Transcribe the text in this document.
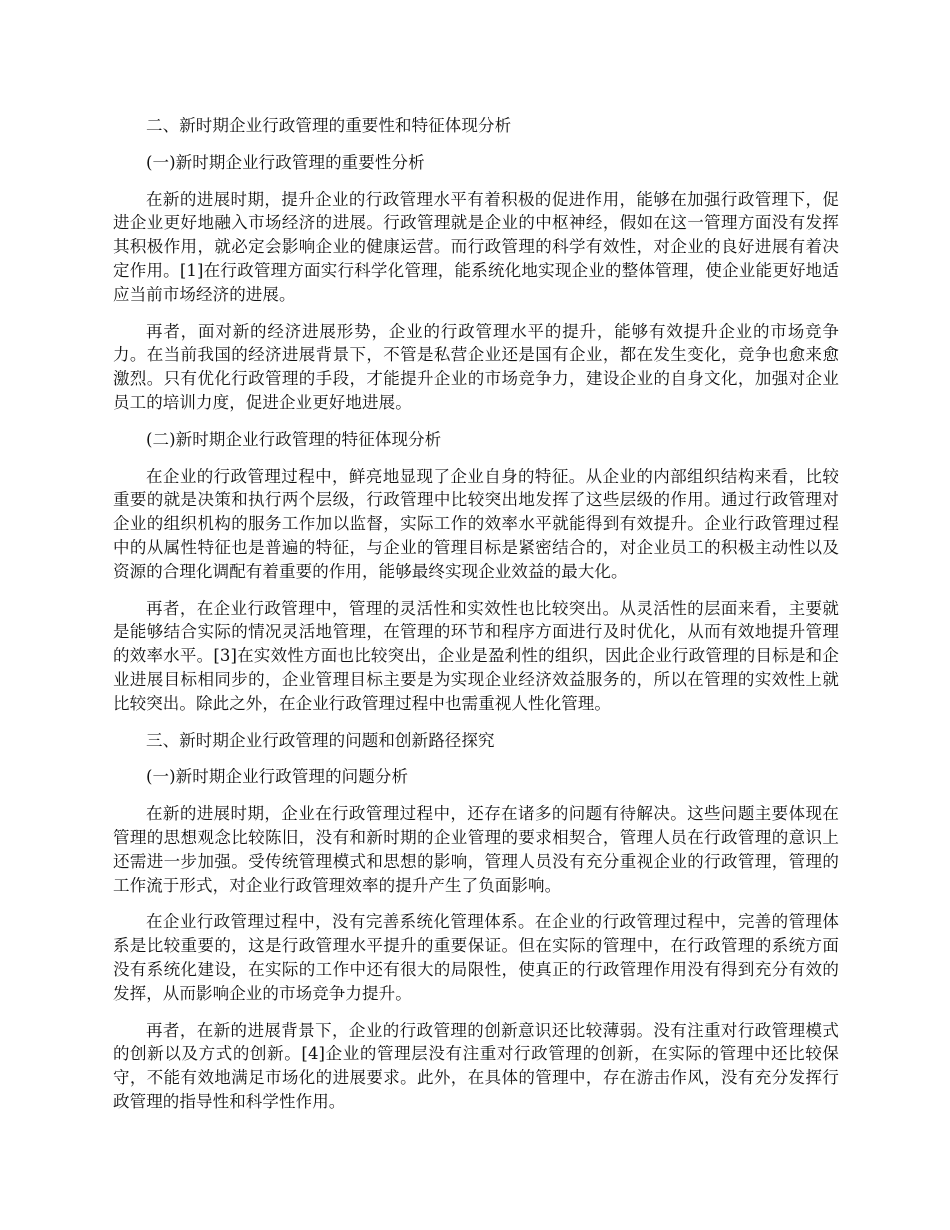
二、新时期企业行政管理的重要性和特征体现分析

(一)新时期企业行政管理的重要性分析

在新的进展时期，提升企业的行政管理水平有着积极的促进作用，能够在加强行政管理下，促进企业更好地融入市场经济的进展。行政管理就是企业的中枢神经，假如在这一管理方面没有发挥其积极作用，就必定会影响企业的健康运营。而行政管理的科学有效性，对企业的良好进展有着决定作用。[1]在行政管理方面实行科学化管理，能系统化地实现企业的整体管理，使企业能更好地适应当前市场经济的进展。

再者，面对新的经济进展形势，企业的行政管理水平的提升，能够有效提升企业的市场竞争力。在当前我国的经济进展背景下，不管是私营企业还是国有企业，都在发生变化，竞争也愈来愈激烈。只有优化行政管理的手段，才能提升企业的市场竞争力，建设企业的自身文化，加强对企业员工的培训力度，促进企业更好地进展。

(二)新时期企业行政管理的特征体现分析

在企业的行政管理过程中，鲜亮地显现了企业自身的特征。从企业的内部组织结构来看，比较重要的就是决策和执行两个层级，行政管理中比较突出地发挥了这些层级的作用。通过行政管理对企业的组织机构的服务工作加以监督，实际工作的效率水平就能得到有效提升。企业行政管理过程中的从属性特征也是普遍的特征，与企业的管理目标是紧密结合的，对企业员工的积极主动性以及资源的合理化调配有着重要的作用，能够最终实现企业效益的最大化。

再者，在企业行政管理中，管理的灵活性和实效性也比较突出。从灵活性的层面来看，主要就是能够结合实际的情况灵活地管理，在管理的环节和程序方面进行及时优化，从而有效地提升管理的效率水平。[3]在实效性方面也比较突出，企业是盈利性的组织，因此企业行政管理的目标是和企业进展目标相同步的，企业管理目标主要是为实现企业经济效益服务的，所以在管理的实效性上就比较突出。除此之外，在企业行政管理过程中也需重视人性化管理。

三、新时期企业行政管理的问题和创新路径探究

(一)新时期企业行政管理的问题分析

在新的进展时期，企业在行政管理过程中，还存在诸多的问题有待解决。这些问题主要体现在管理的思想观念比较陈旧，没有和新时期的企业管理的要求相契合，管理人员在行政管理的意识上还需进一步加强。受传统管理模式和思想的影响，管理人员没有充分重视企业的行政管理，管理的工作流于形式，对企业行政管理效率的提升产生了负面影响。

在企业行政管理过程中，没有完善系统化管理体系。在企业的行政管理过程中，完善的管理体系是比较重要的，这是行政管理水平提升的重要保证。但在实际的管理中，在行政管理的系统方面没有系统化建设，在实际的工作中还有很大的局限性，使真正的行政管理作用没有得到充分有效的发挥，从而影响企业的市场竞争力提升。

再者，在新的进展背景下，企业的行政管理的创新意识还比较薄弱。没有注重对行政管理模式的创新以及方式的创新。[4]企业的管理层没有注重对行政管理的创新，在实际的管理中还比较保守，不能有效地满足市场化的进展要求。此外，在具体的管理中，存在游击作风，没有充分发挥行政管理的指导性和科学性作用。
